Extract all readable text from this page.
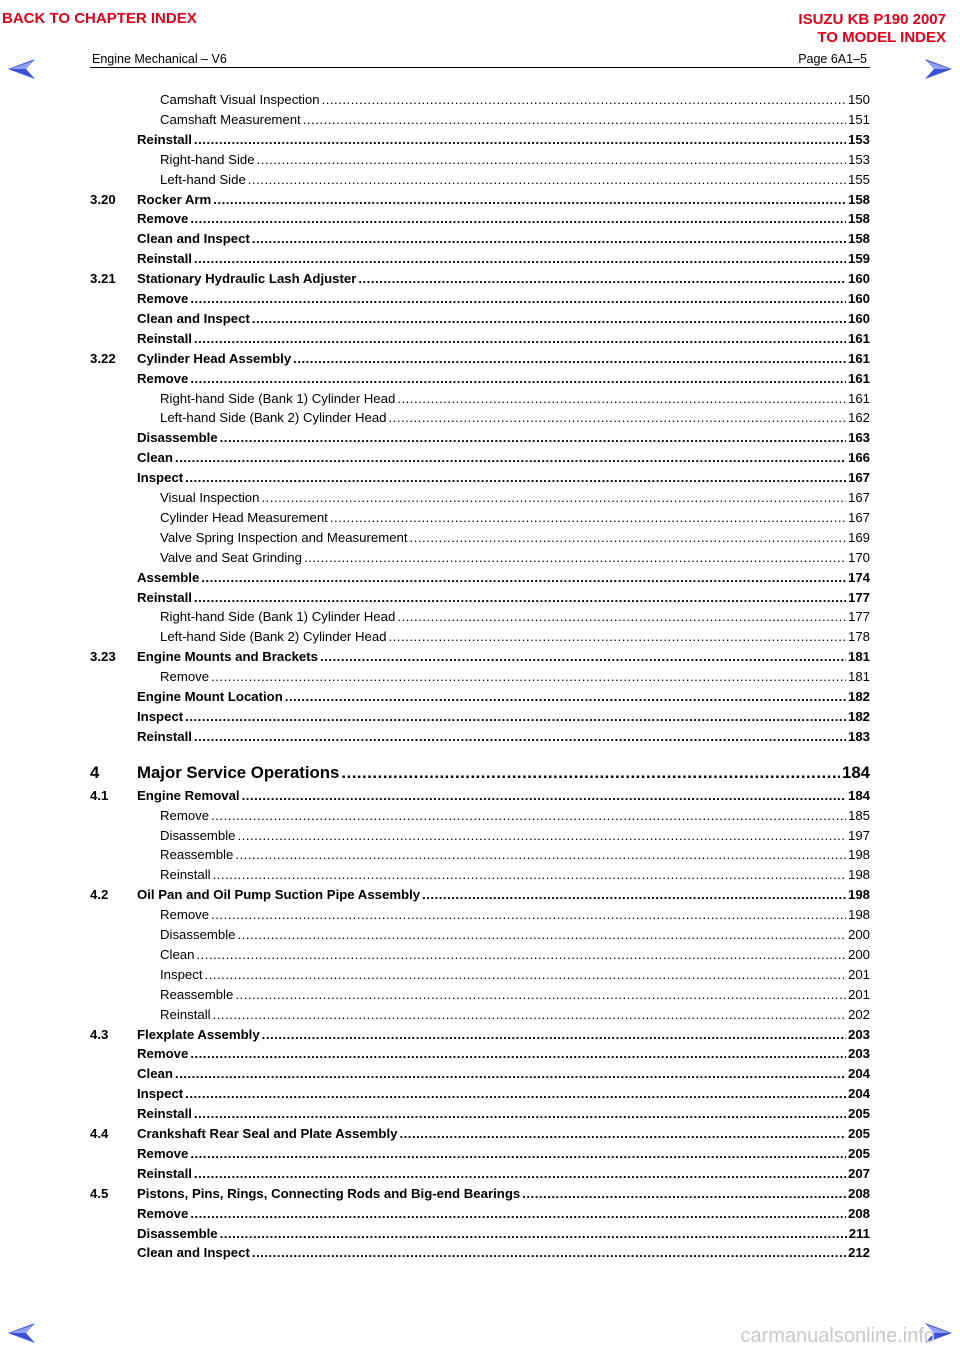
BACK TO CHAPTER INDEX	ISUZU KB P190 2007
TO MODEL INDEX
Engine Mechanical – V6	Page 6A1–5
Camshaft Visual Inspection .....	150
Camshaft Measurement .....	151
Reinstall .....	153
Right-hand Side .....	153
Left-hand Side .....	155
3.20 Rocker Arm .....	158
Remove .....	158
Clean and Inspect .....	158
Reinstall .....	159
3.21 Stationary Hydraulic Lash Adjuster .....	160
Remove .....	160
Clean and Inspect .....	160
Reinstall .....	161
3.22 Cylinder Head Assembly .....	161
Remove .....	161
Right-hand Side (Bank 1) Cylinder Head .....	161
Left-hand Side (Bank 2) Cylinder Head .....	162
Disassemble .....	163
Clean .....	166
Inspect .....	167
Visual Inspection .....	167
Cylinder Head Measurement .....	167
Valve Spring Inspection and Measurement .....	169
Valve and Seat Grinding .....	170
Assemble .....	174
Reinstall .....	177
Right-hand Side (Bank 1) Cylinder Head .....	177
Left-hand Side (Bank 2) Cylinder Head .....	178
3.23 Engine Mounts and Brackets .....	181
Remove .....	181
Engine Mount Location .....	182
Inspect .....	182
Reinstall .....	183
4 Major Service Operations .....	184
4.1 Engine Removal .....	184
Remove .....	185
Disassemble .....	197
Reassemble .....	198
Reinstall .....	198
4.2 Oil Pan and Oil Pump Suction Pipe Assembly .....	198
Remove .....	198
Disassemble .....	200
Clean .....	200
Inspect .....	201
Reassemble .....	201
Reinstall .....	202
4.3 Flexplate Assembly .....	203
Remove .....	203
Clean .....	204
Inspect .....	204
Reinstall .....	205
4.4 Crankshaft Rear Seal and Plate Assembly .....	205
Remove .....	205
Reinstall .....	207
4.5 Pistons, Pins, Rings, Connecting Rods and Big-end Bearings .....	208
Remove .....	208
Disassemble .....	211
Clean and Inspect .....	212
carmanualsonline.info
